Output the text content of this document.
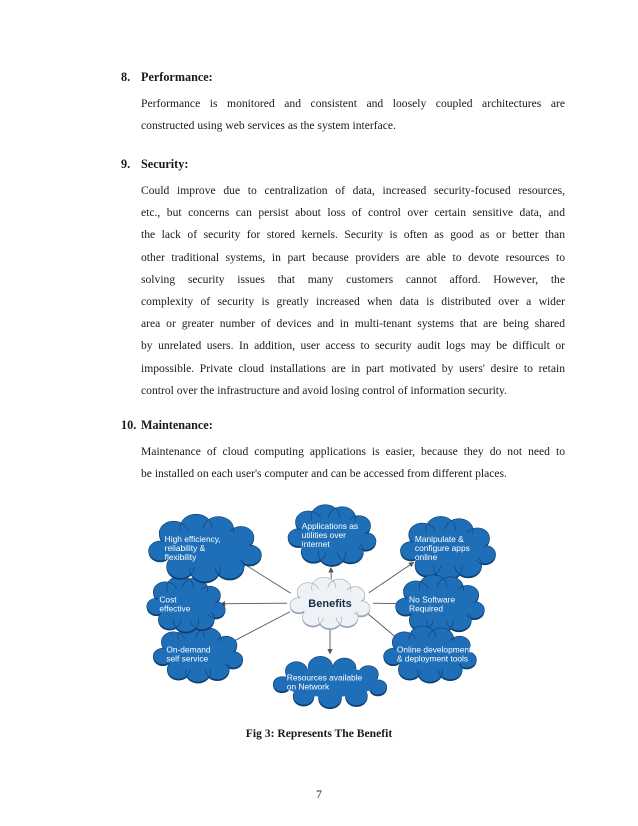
8. Performance:
Performance is monitored and consistent and loosely coupled architectures are
constructed using web services as the system interface.
9. Security:
Could improve due to centralization of data, increased security-focused resources,
etc., but concerns can persist about loss of control over certain sensitive data, and
the lack of security for stored kernels. Security is often as good as or better than
other traditional systems, in part because providers are able to devote resources to
solving security issues that many customers cannot afford. However, the
complexity of security is greatly increased when data is distributed over a wider
area or greater number of devices and in multi-tenant systems that are being shared
by unrelated users. In addition, user access to security audit logs may be difficult or
impossible. Private cloud installations are in part motivated by users' desire to retain
control over the infrastructure and avoid losing control of information security.
10. Maintenance:
Maintenance of cloud computing applications is easier, because they do not need to
be installed on each user's computer and can be accessed from different places.
Applications as
utilities over
internet
Manipulate &
configure apps
online
No Software
Required
Online development
& deployment tools
Resources available
on Network
On-demand
self service
Cost
effective
High efficiency,
reliability &
flexibility
Benefits
Fig 3: Represents The Benefit
7
